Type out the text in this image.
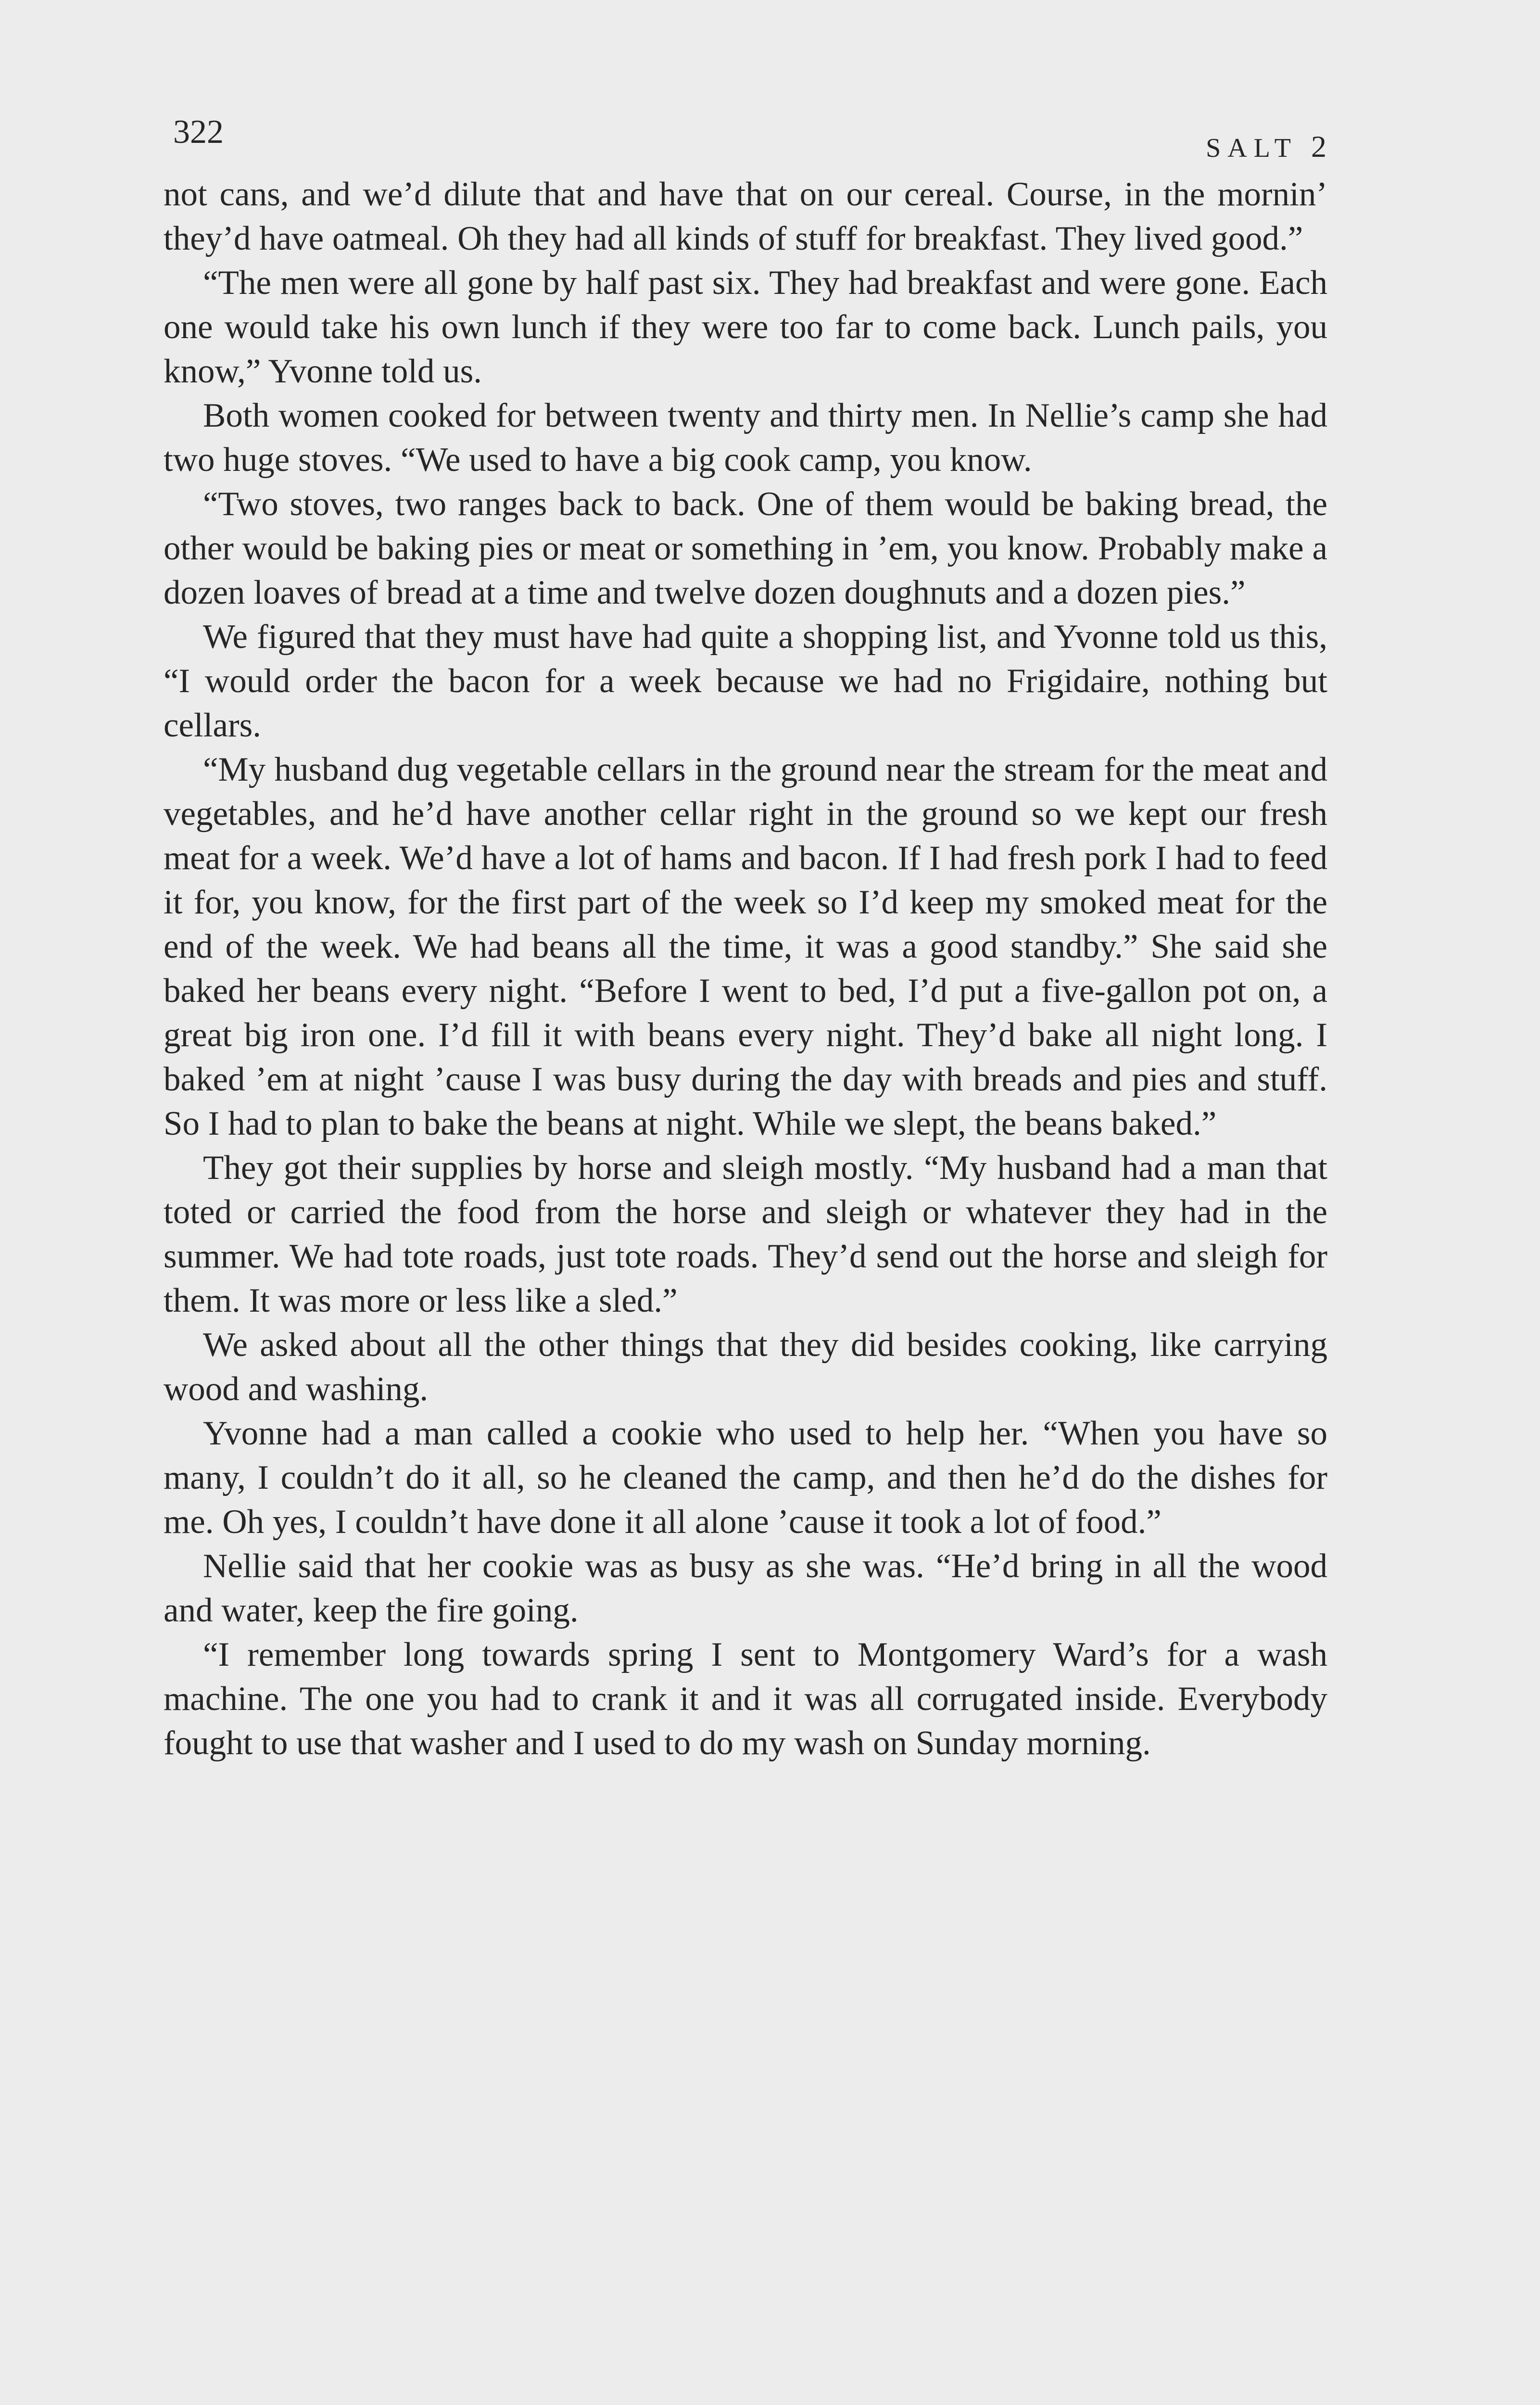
322	SALT 2

not cans, and we’d dilute that and have that on our cereal. Course, in the mornin’ they’d have oatmeal. Oh they had all kinds of stuff for breakfast. They lived good.”

“The men were all gone by half past six. They had breakfast and were gone. Each one would take his own lunch if they were too far to come back. Lunch pails, you know,” Yvonne told us.

Both women cooked for between twenty and thirty men. In Nellie’s camp she had two huge stoves. “We used to have a big cook camp, you know.

“Two stoves, two ranges back to back. One of them would be baking bread, the other would be baking pies or meat or something in ’em, you know. Probably make a dozen loaves of bread at a time and twelve dozen doughnuts and a dozen pies.”

We figured that they must have had quite a shopping list, and Yvonne told us this, “I would order the bacon for a week because we had no Frigidaire, nothing but cellars.

“My husband dug vegetable cellars in the ground near the stream for the meat and vegetables, and he’d have another cellar right in the ground so we kept our fresh meat for a week. We’d have a lot of hams and bacon. If I had fresh pork I had to feed it for, you know, for the first part of the week so I’d keep my smoked meat for the end of the week. We had beans all the time, it was a good standby.” She said she baked her beans every night. “Before I went to bed, I’d put a five-gallon pot on, a great big iron one. I’d fill it with beans every night. They’d bake all night long. I baked ’em at night ’cause I was busy during the day with breads and pies and stuff. So I had to plan to bake the beans at night. While we slept, the beans baked.”

They got their supplies by horse and sleigh mostly. “My husband had a man that toted or carried the food from the horse and sleigh or whatever they had in the summer. We had tote roads, just tote roads. They’d send out the horse and sleigh for them. It was more or less like a sled.”

We asked about all the other things that they did besides cooking, like carrying wood and washing.

Yvonne had a man called a cookie who used to help her. “When you have so many, I couldn’t do it all, so he cleaned the camp, and then he’d do the dishes for me. Oh yes, I couldn’t have done it all alone ’cause it took a lot of food.”

Nellie said that her cookie was as busy as she was. “He’d bring in all the wood and water, keep the fire going.

“I remember long towards spring I sent to Montgomery Ward’s for a wash machine. The one you had to crank it and it was all corrugated inside. Everybody fought to use that washer and I used to do my wash on Sunday morning.
